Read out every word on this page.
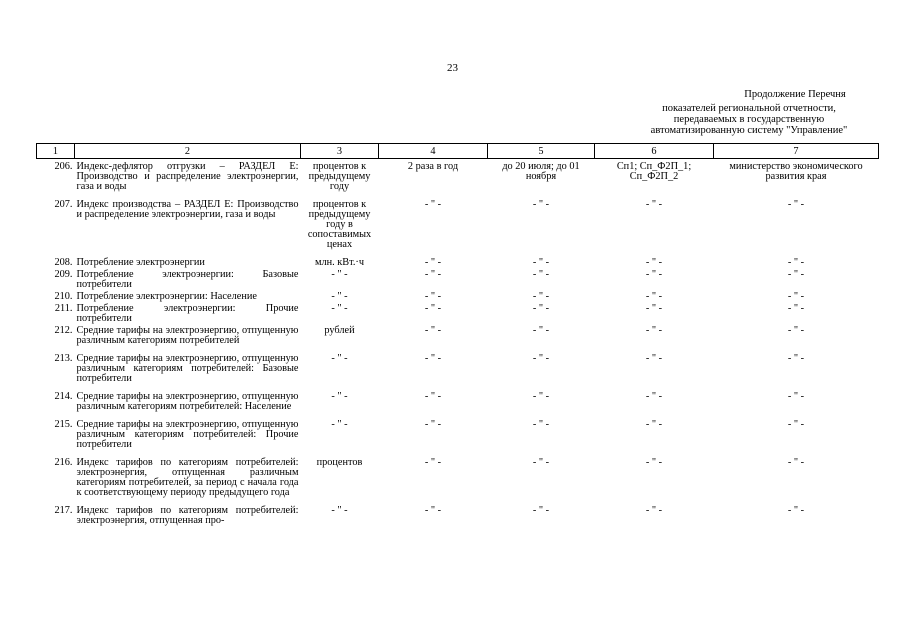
23
Продолжение Перечня
показателей региональной отчетности,
передаваемых в государственную
автоматизированную систему "Управление"
1	2	3	4	5	6	7
206.	Индекс-дефлятор отгрузки – РАЗДЕЛ Е: Производство и распределение электроэнергии, газа и воды	процентов к предыдущему году	2 раза в год	до 20 июля; до 01 ноября	Сп1; Сп_Ф2П_1; Сп_Ф2П_2	министерство экономического развития края
207.	Индекс производства – РАЗДЕЛ Е: Производство и распределение электроэнергии, газа и воды	процентов к предыдущему году в сопоставимых ценах	- " -	- " -	- " -	- " -
208.	Потребление электроэнергии	млн. кВт.·ч	- " -	- " -	- " -	- " -
209.	Потребление электроэнергии: Базовые потребители	- " -	- " -	- " -	- " -	- " -
210.	Потребление электроэнергии: Население	- " -	- " -	- " -	- " -	- " -
211.	Потребление электроэнергии: Прочие потребители	- " -	- " -	- " -	- " -	- " -
212.	Средние тарифы на электроэнергию, отпущенную различным категориям потребителей	рублей	- " -	- " -	- " -	- " -
213.	Средние тарифы на электроэнергию, отпущенную различным категориям потребителей: Базовые потребители	- " -	- " -	- " -	- " -	- " -
214.	Средние тарифы на электроэнергию, отпущенную различным категориям потребителей: Население	- " -	- " -	- " -	- " -	- " -
215.	Средние тарифы на электроэнергию, отпущенную различным категориям потребителей: Прочие потребители	- " -	- " -	- " -	- " -	- " -
216.	Индекс тарифов по категориям потребителей: электроэнергия, отпущенная различным категориям потребителей, за период с начала года к соответствующему периоду предыдущего года	процентов	- " -	- " -	- " -	- " -
217.	Индекс тарифов по категориям потребителей: электроэнергия, отпущенная про-	- " -	- " -	- " -	- " -	- " -
